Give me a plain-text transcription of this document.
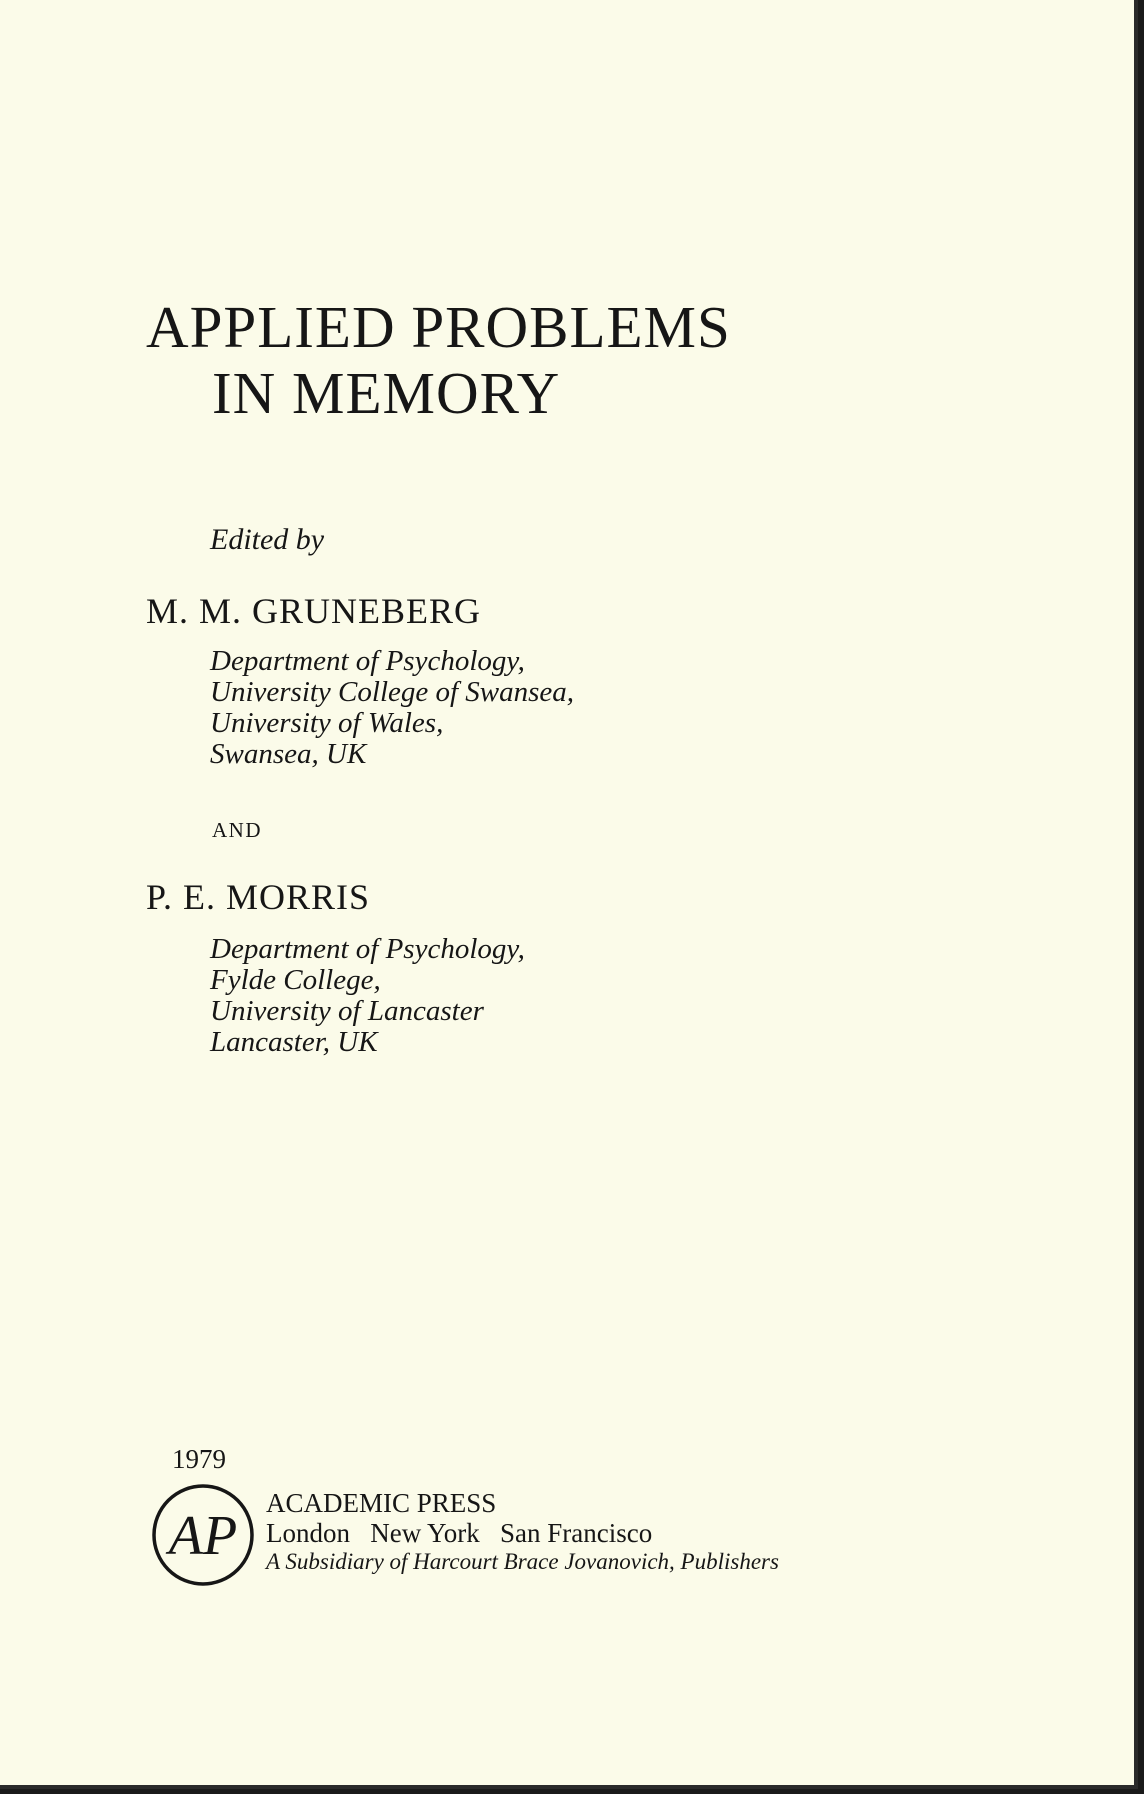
APPLIED PROBLEMS
IN MEMORY
Edited by
M. M. GRUNEBERG
Department of Psychology,
University College of Swansea,
University of Wales,
Swansea, UK
AND
P. E. MORRIS
Department of Psychology,
Fylde College,
University of Lancaster
Lancaster, UK
1979
AP
ACADEMIC PRESS
London   New York   San Francisco
A Subsidiary of Harcourt Brace Jovanovich, Publishers
